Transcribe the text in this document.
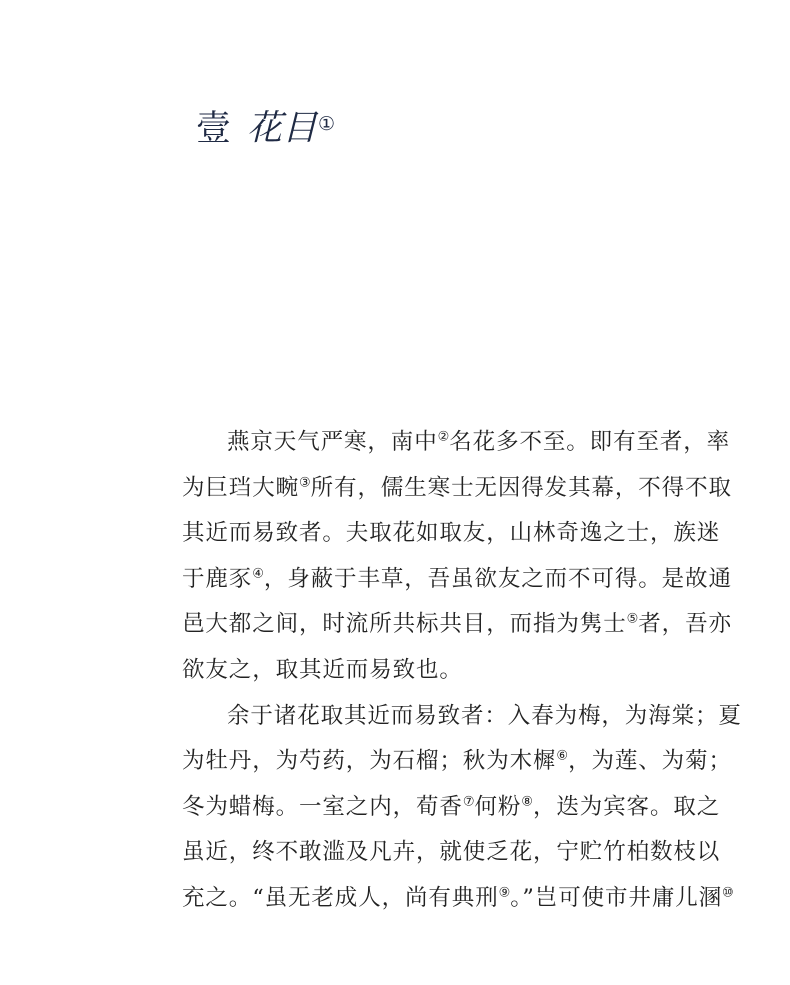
壹 花目①

燕京天气严寒，南中②名花多不至。即有至者，率为巨珰大畹③所有，儒生寒士无因得发其幕，不得不取其近而易致者。夫取花如取友，山林奇逸之士，族迷于鹿豕④，身蔽于丰草，吾虽欲友之而不可得。是故通邑大都之间，时流所共标共目，而指为隽士⑤者，吾亦欲友之，取其近而易致也。

余于诸花取其近而易致者：入春为梅，为海棠；夏为牡丹，为芍药，为石榴；秋为木樨⑥，为莲、为菊；冬为蜡梅。一室之内，荀香⑦何粉⑧，迭为宾客。取之虽近，终不敢滥及凡卉，就使乏花，宁贮竹柏数枝以充之。“虽无老成人，尚有典刑⑨。”岂可使市井庸儿溷⑩
